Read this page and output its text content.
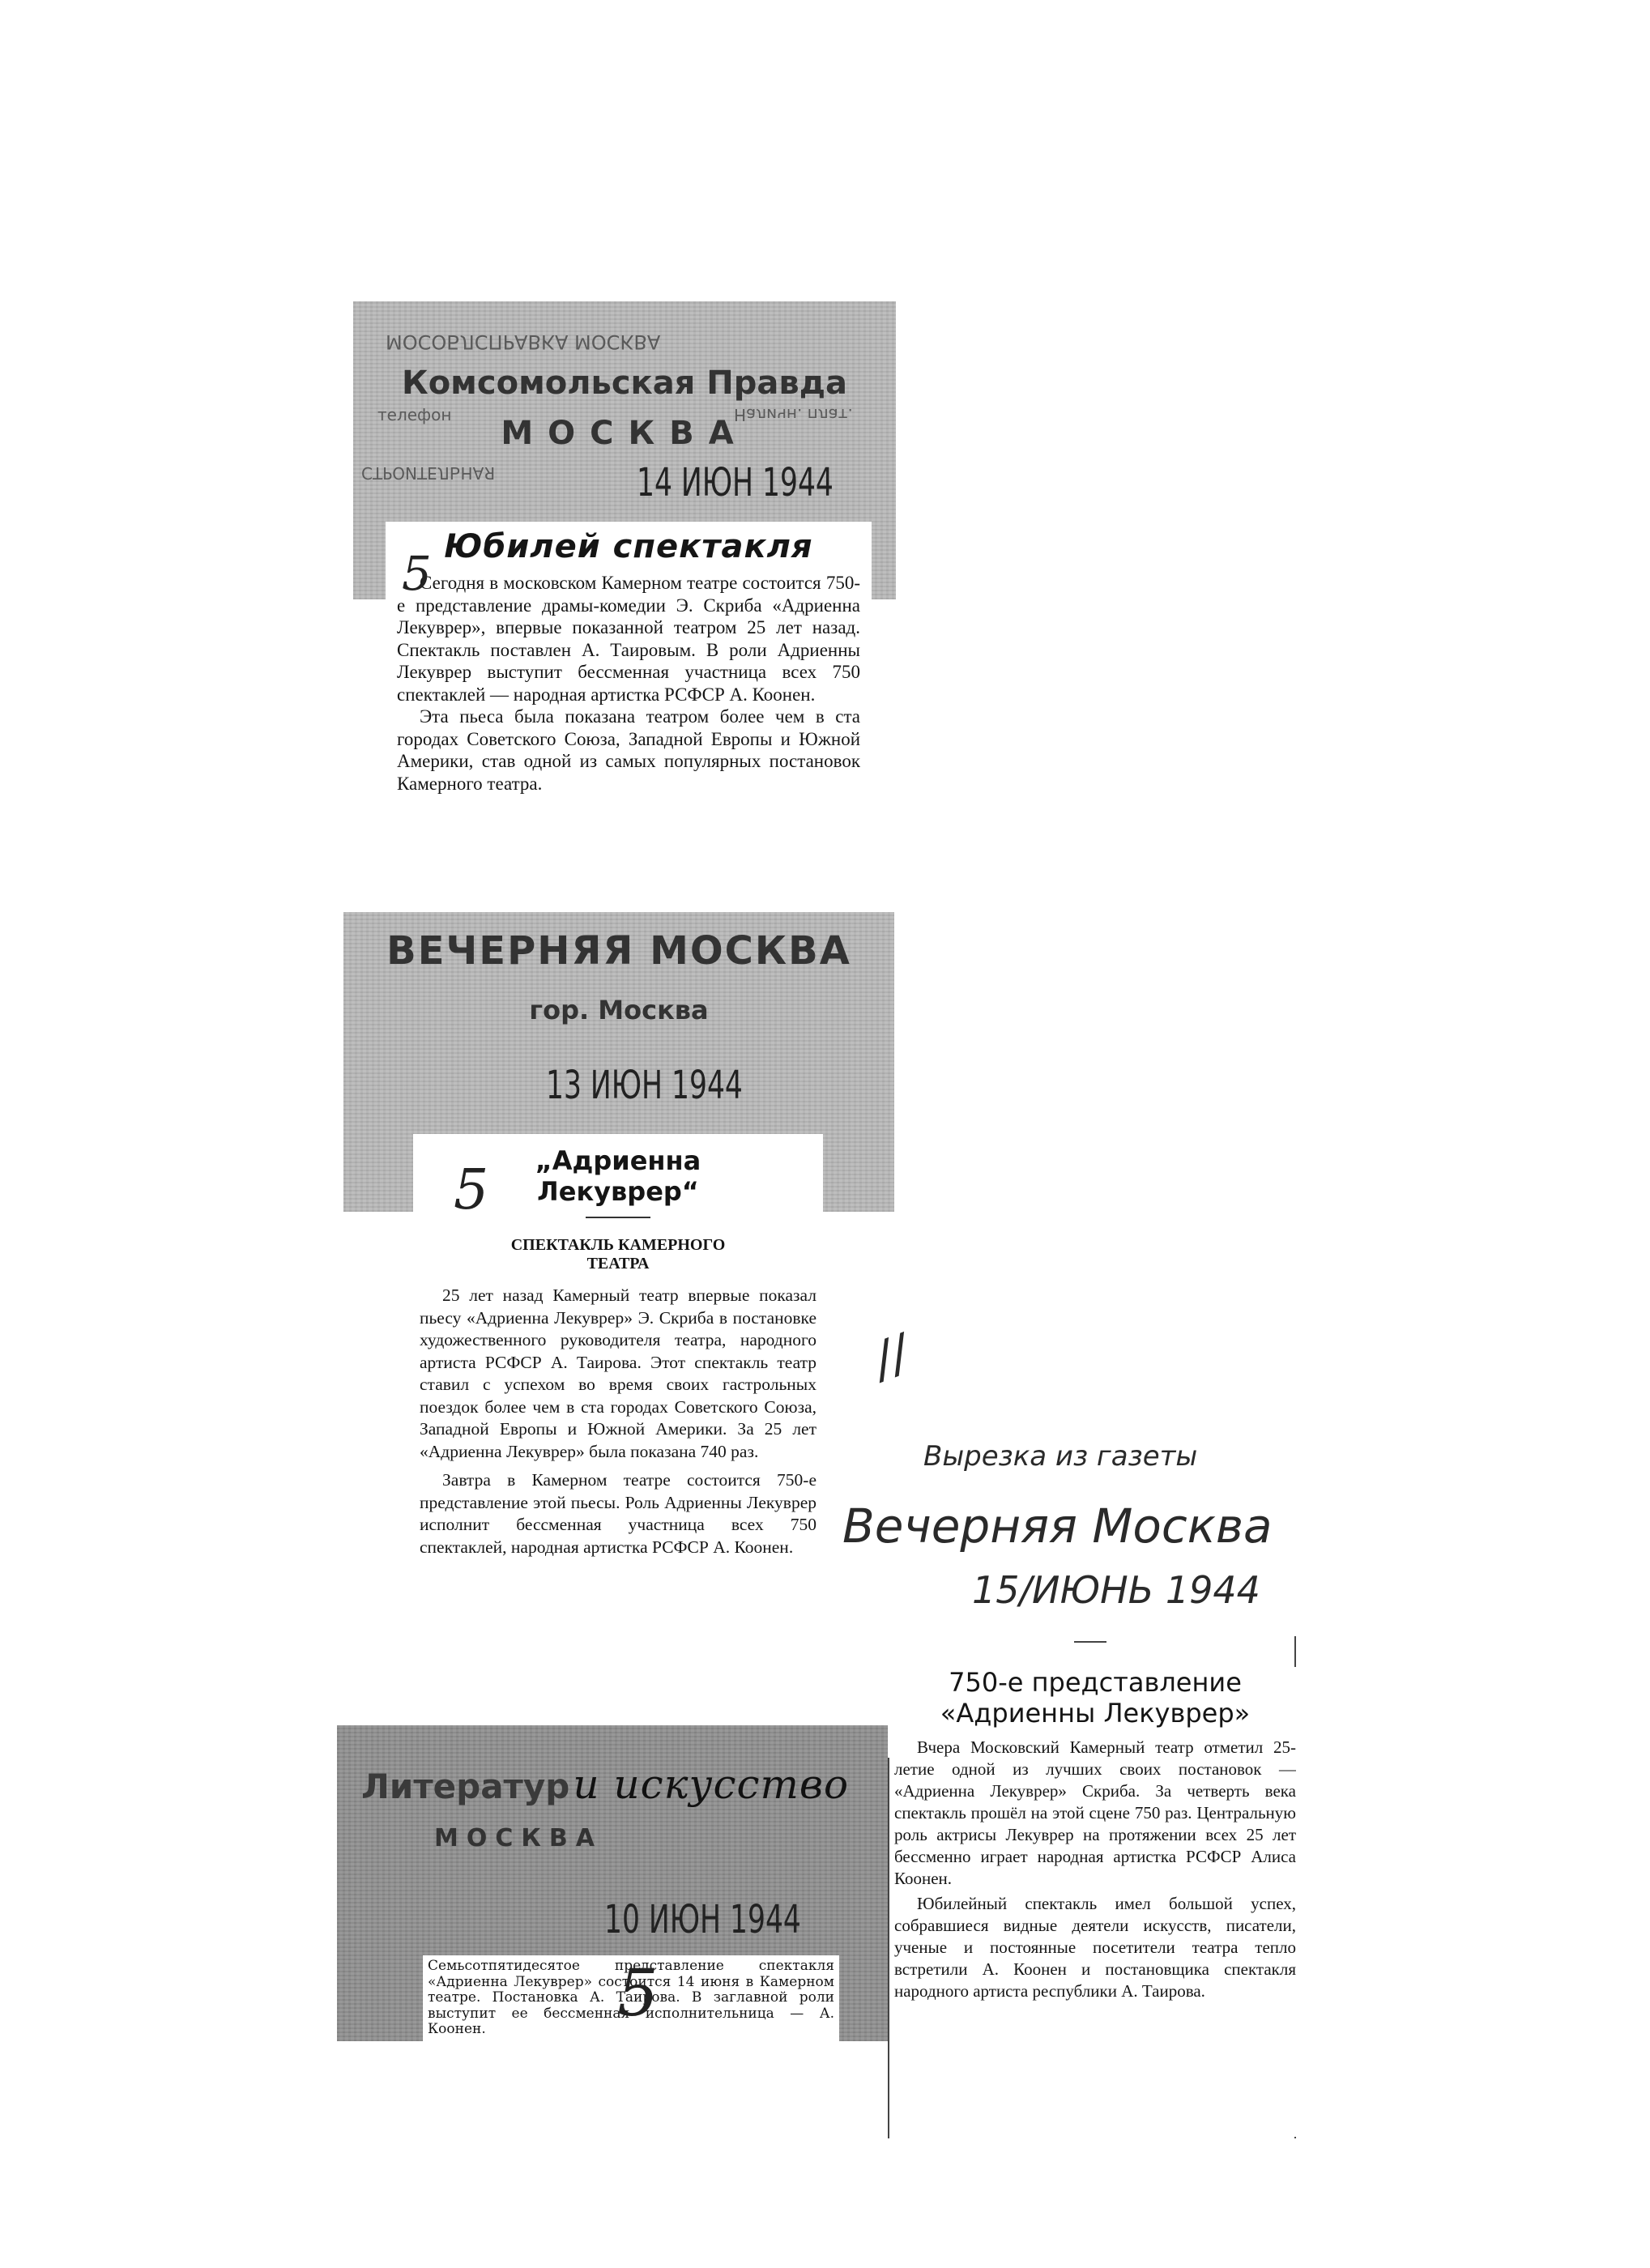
МОСОБЛСПРАВКА МОСКВА
Комсомольская Правда
телефон	Наличн. плат.
МОСКВА
СТРОИТЕЛЬНАЯ	14 ИЮН 1944
Юбилей спектакля

Сегодня в московском Камерном театре состоится 750-е представление драмы-комедии Э. Скриба «Адриенна Лекуврер», впервые показанной театром 25 лет назад. Спектакль поставлен А. Таировым. В роли Адриенны Лекуврер выступит бессменная участница всех 750 спектаклей — народная артистка РСФСР А. Коонен.

Эта пьеса была показана театром более чем в ста городах Советского Союза, Западной Европы и Южной Америки, став одной из самых популярных постановок Камерного театра.

5
ВЕЧЕРНЯЯ МОСКВА
гор. Москва
13 ИЮН 1944
„Адриенна
Лекуврер“
СПЕКТАКЛЬ КАМЕРНОГО
ТЕАТРА

25 лет назад Камерный театр впервые показал пьесу «Адриенна Лекуврер» Э. Скриба в постановке художественного руководителя театра, народного артиста РСФСР А. Таирова. Этот спектакль театр ставил с успехом во время своих гастрольных поездок более чем в ста городах Советского Союза, Западной Европы и Южной Америки. За 25 лет «Адриенна Лекуврер» была показана 740 раз.

Завтра в Камерном театре состоится 750-е представление этой пьесы. Роль Адриенны Лекуврер исполнит бессменная участница всех 750 спектаклей, народная артистка РСФСР А. Коонен.

5
Литератур и искусство
МОСКВА
10 ИЮН 1944

Семьсотпятидесятое представление спектакля «Адриенна Лекуврер» состоится 14 июня в Камерном театре. Постановка А. Таирова. В заглавной роли выступит ее бессменная исполнительница — А. Коонен.	5
//
Вырезка из газеты
Вечерняя Москва
15/ИЮНЬ 1944
750-е представление
«Адриенны Лекуврер»

Вчера Московский Камерный театр отметил 25-летие одной из лучших своих постановок — «Адриенна Лекуврер» Скриба. За четверть века спектакль прошёл на этой сцене 750 раз. Центральную роль актрисы Лекуврер на протяжении всех 25 лет бессменно играет народная артистка РСФСР Алиса Коонен.

Юбилейный спектакль имел большой успех, собравшиеся видные деятели искусств, писатели, ученые и постоянные посетители театра тепло встретили А. Коонен и постановщика спектакля народного артиста республики А. Таирова.
